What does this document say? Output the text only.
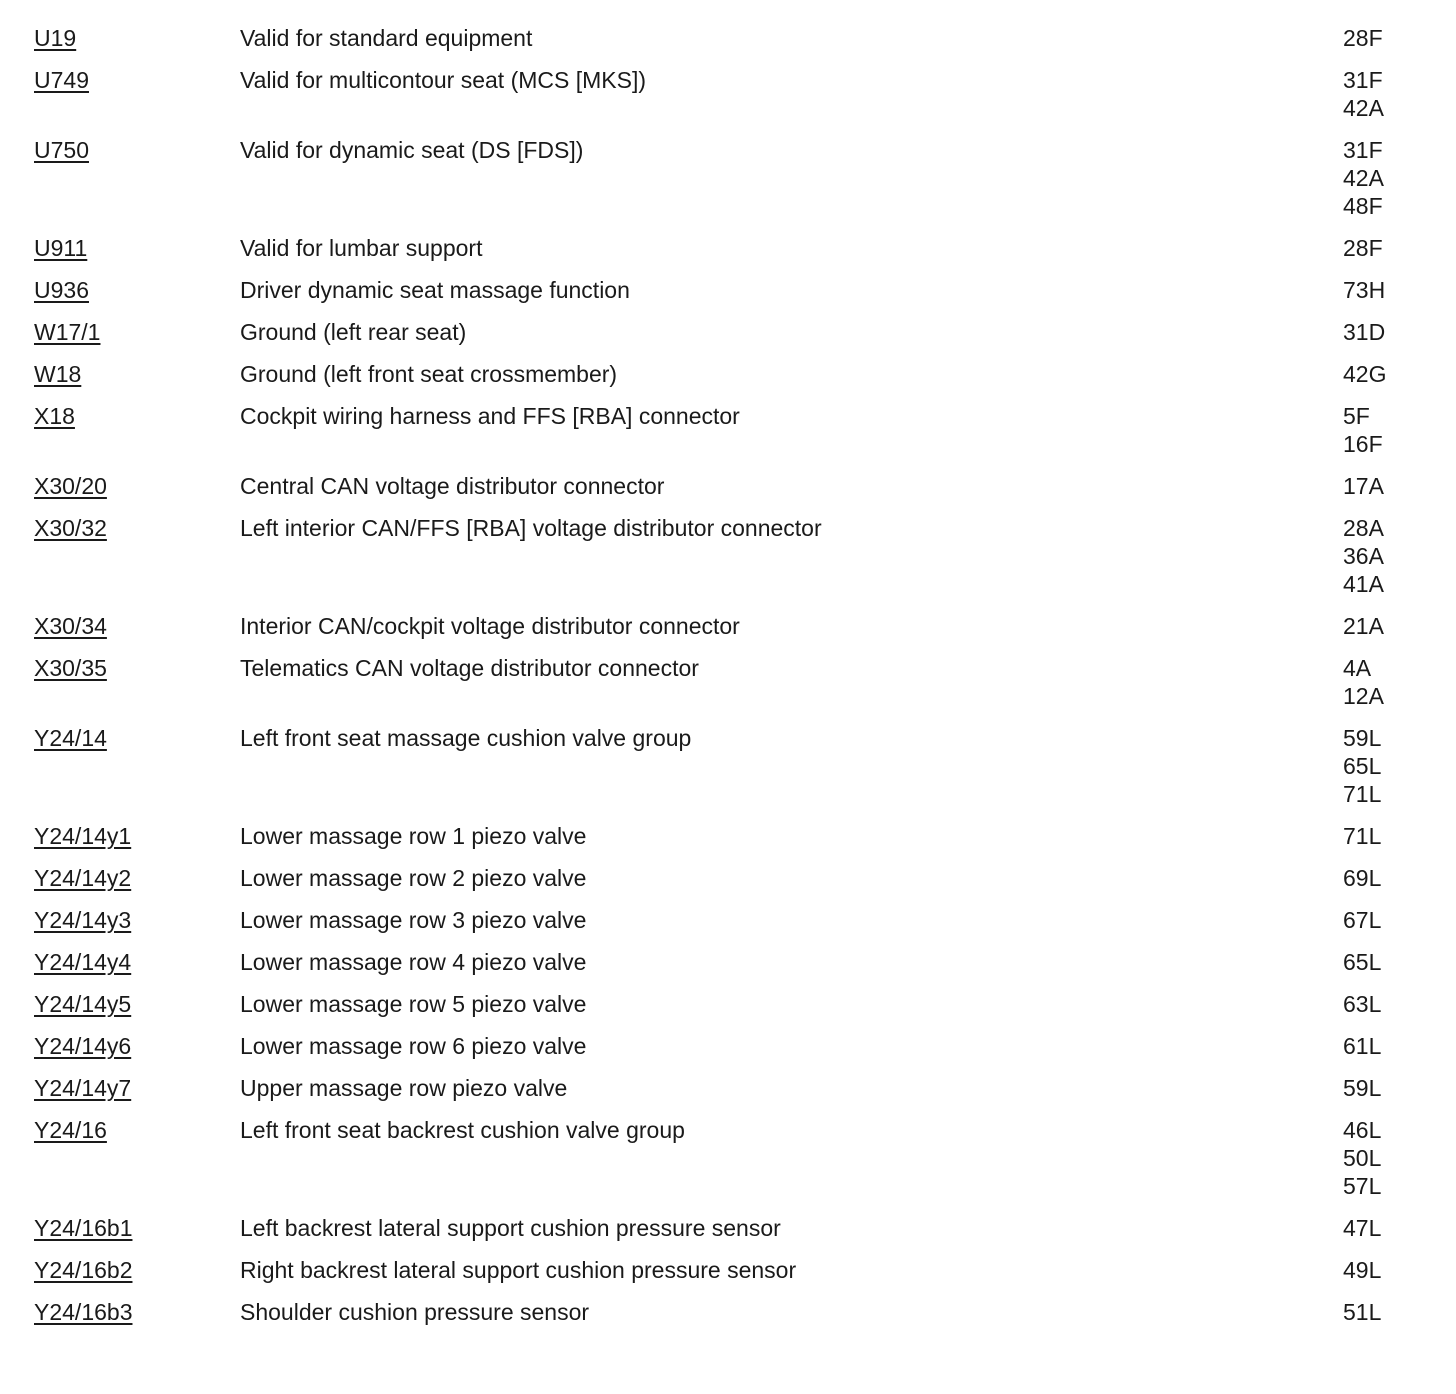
U19	Valid for standard equipment	28F
U749	Valid for multicontour seat (MCS [MKS])	31F
42A
U750	Valid for dynamic seat (DS [FDS])	31F
42A
48F
U911	Valid for lumbar support	28F
U936	Driver dynamic seat massage function	73H
W17/1	Ground (left rear seat)	31D
W18	Ground (left front seat crossmember)	42G
X18	Cockpit wiring harness and FFS [RBA] connector	5F
16F
X30/20	Central CAN voltage distributor connector	17A
X30/32	Left interior CAN/FFS [RBA] voltage distributor connector	28A
36A
41A
X30/34	Interior CAN/cockpit voltage distributor connector	21A
X30/35	Telematics CAN voltage distributor connector	4A
12A
Y24/14	Left front seat massage cushion valve group	59L
65L
71L
Y24/14y1	Lower massage row 1 piezo valve	71L
Y24/14y2	Lower massage row 2 piezo valve	69L
Y24/14y3	Lower massage row 3 piezo valve	67L
Y24/14y4	Lower massage row 4 piezo valve	65L
Y24/14y5	Lower massage row 5 piezo valve	63L
Y24/14y6	Lower massage row 6 piezo valve	61L
Y24/14y7	Upper massage row piezo valve	59L
Y24/16	Left front seat backrest cushion valve group	46L
50L
57L
Y24/16b1	Left backrest lateral support cushion pressure sensor	47L
Y24/16b2	Right backrest lateral support cushion pressure sensor	49L
Y24/16b3	Shoulder cushion pressure sensor	51L
